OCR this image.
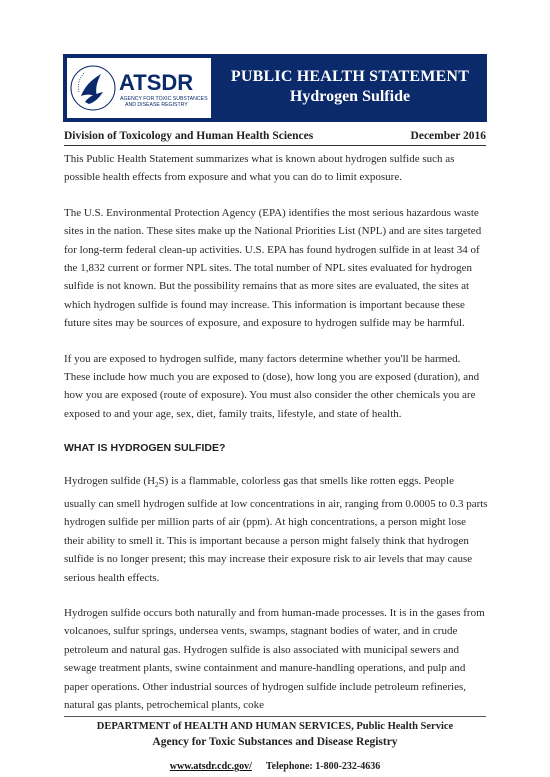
ATSDR
AGENCY FOR TOXIC SUBSTANCES
AND DISEASE REGISTRY
PUBLIC HEALTH STATEMENT
Hydrogen Sulfide
Division of Toxicology and Human Health Sciences	December 2016

This Public Health Statement summarizes what is known about hydrogen sulfide such as possible health effects from exposure and what you can do to limit exposure.

The U.S. Environmental Protection Agency (EPA) identifies the most serious hazardous waste sites in the nation. These sites make up the National Priorities List (NPL) and are sites targeted for long-term federal clean-up activities. U.S. EPA has found hydrogen sulfide in at least 34 of the 1,832 current or former NPL sites. The total number of NPL sites evaluated for hydrogen sulfide is not known. But the possibility remains that as more sites are evaluated, the sites at which hydrogen sulfide is found may increase. This information is important because these future sites may be sources of exposure, and exposure to hydrogen sulfide may be harmful.

If you are exposed to hydrogen sulfide, many factors determine whether you'll be harmed. These include how much you are exposed to (dose), how long you are exposed (duration), and how you are exposed (route of exposure). You must also consider the other chemicals you are exposed to and your age, sex, diet, family traits, lifestyle, and state of health.

WHAT IS HYDROGEN SULFIDE?

Hydrogen sulfide $(H_2S)$ is a flammable, colorless gas that smells like rotten eggs. People usually can smell hydrogen sulfide at low concentrations in air, ranging from 0.0005 to 0.3 parts hydrogen sulfide per million parts of air (ppm). At high concentrations, a person might lose their ability to smell it. This is important because a person might falsely think that hydrogen sulfide is no longer present; this may increase their exposure risk to air levels that may cause serious health effects.

Hydrogen sulfide occurs both naturally and from human-made processes. It is in the gases from volcanoes, sulfur springs, undersea vents, swamps, stagnant bodies of water, and in crude petroleum and natural gas. Hydrogen sulfide is also associated with municipal sewers and sewage treatment plants, swine containment and manure-handling operations, and pulp and paper operations. Other industrial sources of hydrogen sulfide include petroleum refineries, natural gas plants, petrochemical plants, coke

DEPARTMENT of HEALTH AND HUMAN SERVICES, Public Health Service
Agency for Toxic Substances and Disease Registry
www.atsdr.cdc.gov/ Telephone: 1-800-232-4636
